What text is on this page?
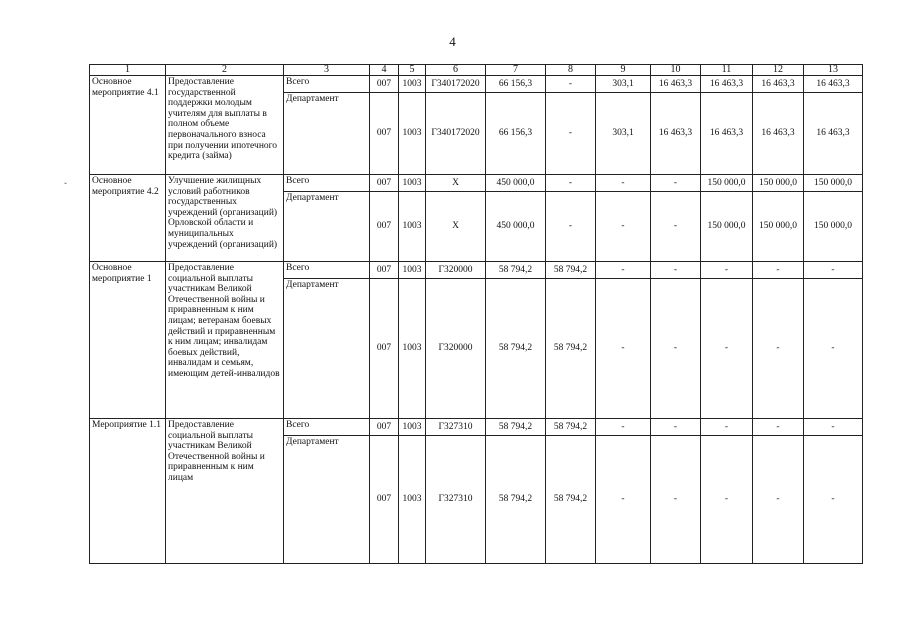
4
ˇ
1	2	3	4	5	6	7	8	9	10	11	12	13
Основное мероприятие 4.1	Предоставление государственной поддержки молодым учителям для выплаты в полном объеме первоначального взноса при получении ипотечного кредита (займа)	Всего	007	1003	Г340172020	66 156,3	-	303,1	16 463,3	16 463,3	16 463,3	16 463,3
		Департамент	007	1003	Г340172020	66 156,3	-	303,1	16 463,3	16 463,3	16 463,3	16 463,3
Основное мероприятие 4.2	Улучшение жилищных условий работников государственных учреждений (организаций) Орловской области и муниципальных учреждений (организаций)	Всего	007	1003	X	450 000,0	-	-	-	150 000,0	150 000,0	150 000,0
		Департамент	007	1003	X	450 000,0	-	-	-	150 000,0	150 000,0	150 000,0
Основное мероприятие 1	Предоставление социальной выплаты участникам Великой Отечественной войны и приравненным к ним лицам; ветеранам боевых действий и приравненным к ним лицам; инвалидам боевых действий, инвалидам и семьям, имеющим детей-инвалидов	Всего	007	1003	Г320000	58 794,2	58 794,2	-	-	-	-	-
		Департамент	007	1003	Г320000	58 794,2	58 794,2	-	-	-	-	-
Мероприятие 1.1	Предоставление социальной выплаты участникам Великой Отечественной войны и приравненным к ним лицам	Всего	007	1003	Г327310	58 794,2	58 794,2	-	-	-	-	-
		Департамент	007	1003	Г327310	58 794,2	58 794,2	-	-	-	-	-
